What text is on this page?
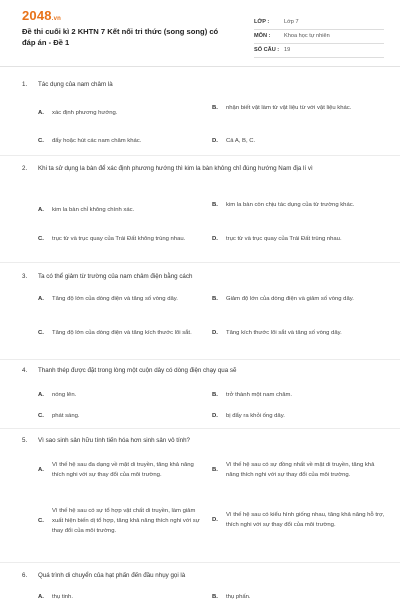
2048.vn
Đề thi cuối kì 2 KHTN 7 Kết nối tri thức (song song) có đáp án - Đề 1
LỚP :	Lớp 7
MÔN : Khoa học tự nhiên
SỐ CÂU : 19
1. Tác dụng của nam châm là
A.	xác định phương hướng.
B.	nhận biết vật làm từ vật liệu từ với vật liệu khác.
C.	đẩy hoặc hút các nam châm khác.	D.	Cả A, B, C.
2. Khi ta sử dụng la bàn để xác định phương hướng thì kim la bàn không chỉ đúng hướng Nam địa lí vì
A.	kim la bàn chỉ không chính xác.
B.	kim la bàn còn chịu tác dụng của từ trường khác.
C.	trục từ và trục quay của Trái Đất không trùng nhau.	D.	trục từ và trục quay của Trái Đất trùng nhau.
3. Ta có thể giảm từ trường của nam châm điện bằng cách
A.	Tăng độ lớn của dòng điện và tăng số vòng dây.	B.	Giảm độ lớn của dòng điện và giảm số vòng dây.
C.	Tăng độ lớn của dòng điện và tăng kích thước lõi sắt.	D.	Tăng kích thước lõi sắt và tăng số vòng dây.
4. Thanh thép được đặt trong lòng một cuộn dây có dòng điện chạy qua sẽ
A.	nóng lên.	B.	trở thành một nam châm.
C.	phát sáng.	D.	bị đẩy ra khỏi ống dây.
5. Vì sao sinh sản hữu tính tiến hóa hơn sinh sản vô tính?
A.
Vì thế hệ sau đa dạng về mặt di truyền, tăng khả năng thích nghi với sự thay đổi của môi trường.
B.
Vì thế hệ sau có sự đồng nhất về mặt di truyền, tăng khả năng thích nghi với sự thay đổi của môi trường.
C.
Vì thế hệ sau có sự tổ hợp vật chất di truyền, làm giảm xuất hiện biến dị tổ hợp, tăng khả năng thích nghi với sự thay đổi của môi trường.
D.
Vì thế hệ sau có kiểu hình giống nhau, tăng khả năng hỗ trợ, thích nghi với sự thay đổi của môi trường.
6. Quá trình di chuyển của hạt phấn đến đầu nhụy gọi là
A.	thụ tinh.	B.	thụ phấn.
